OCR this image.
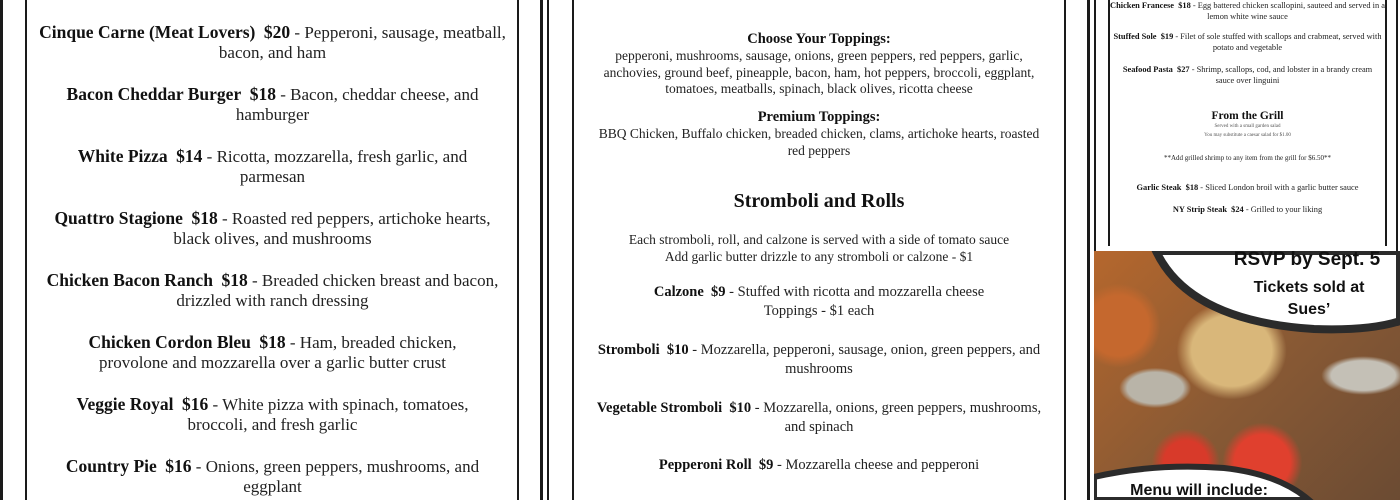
Cinque Carne (Meat Lovers) $20 - Pepperoni, sausage, meatball, bacon, and ham
Bacon Cheddar Burger $18 - Bacon, cheddar cheese, and hamburger
White Pizza $14 - Ricotta, mozzarella, fresh garlic, and parmesan
Quattro Stagione $18 - Roasted red peppers, artichoke hearts, black olives, and mushrooms
Chicken Bacon Ranch $18 - Breaded chicken breast and bacon, drizzled with ranch dressing
Chicken Cordon Bleu $18 - Ham, breaded chicken, provolone and mozzarella over a garlic butter crust
Veggie Royal $16 - White pizza with spinach, tomatoes, broccoli, and fresh garlic
Country Pie $16 - Onions, green peppers, mushrooms, and eggplant
Choose Your Toppings:
pepperoni, mushrooms, sausage, onions, green peppers, red peppers, garlic, anchovies, ground beef, pineapple, bacon, ham, hot peppers, broccoli, eggplant, tomatoes, meatballs, spinach, black olives, ricotta cheese
Premium Toppings:
BBQ Chicken, Buffalo chicken, breaded chicken, clams, artichoke hearts, roasted red peppers
Stromboli and Rolls
Each stromboli, roll, and calzone is served with a side of tomato sauce
Add garlic butter drizzle to any stromboli or calzone - $1
Calzone $9 - Stuffed with ricotta and mozzarella cheese
Toppings - $1 each
Stromboli $10 - Mozzarella, pepperoni, sausage, onion, green peppers, and mushrooms
Vegetable Stromboli $10 - Mozzarella, onions, green peppers, mushrooms, and spinach
Pepperoni Roll $9 - Mozzarella cheese and pepperoni
Chicken Francese $18 - Egg battered chicken scallopini, sauteed and served in a lemon white wine sauce
Stuffed Sole $19 - Filet of sole stuffed with scallops and crabmeat, served with potato and vegetable
Seafood Pasta $27 - Shrimp, scallops, cod, and lobster in a brandy cream sauce over linguini
From the Grill
Served with a small garden salad
You may substitute a caesar salad for $1.00
**Add grilled shrimp to any item from the grill for $6.50**
Garlic Steak $18 - Sliced London broil with a garlic butter sauce
NY Strip Steak $24 - Grilled to your liking
RSVP by Sept. 5
Tickets sold at
Sues’
Menu will include:
